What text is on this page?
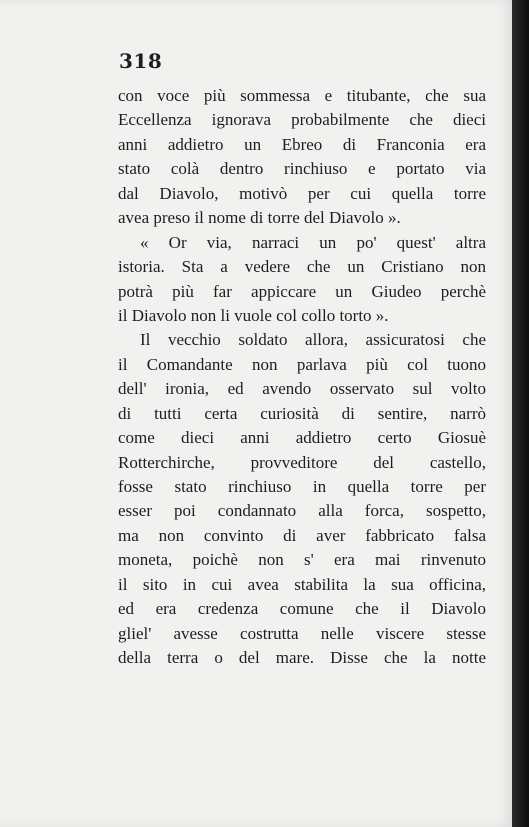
318
con voce più sommessa e titubante, che sua
Eccellenza ignorava probabilmente che dieci
anni addietro un Ebreo di Franconia era
stato colà dentro rinchiuso e portato via
dal Diavolo, motivò per cui quella torre
avea preso il nome di torre del Diavolo ».
« Or via, narraci un po' quest' altra
istoria. Sta a vedere che un Cristiano non
potrà più far appiccare un Giudeo perchè
il Diavolo non li vuole col collo torto ».
Il vecchio soldato allora, assicuratosi che
il Comandante non parlava più col tuono
dell' ironia, ed avendo osservato sul volto
di tutti certa curiosità di sentire, narrò
come dieci anni addietro certo Giosuè
Rotterchirche, provveditore del castello,
fosse stato rinchiuso in quella torre per
esser poi condannato alla forca, sospetto,
ma non convinto di aver fabbricato falsa
moneta, poichè non s' era mai rinvenuto
il sito in cui avea stabilita la sua officina,
ed era credenza comune che il Diavolo
gliel' avesse costrutta nelle viscere stesse
della terra o del mare. Disse che la notte
